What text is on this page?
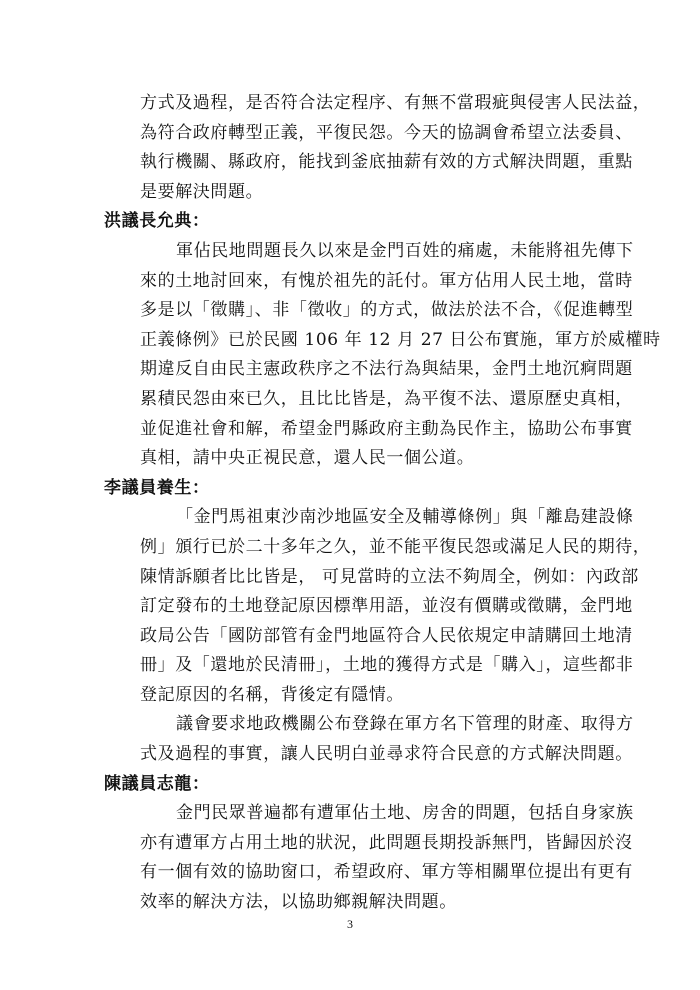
方式及過程，是否符合法定程序、有無不當瑕疵與侵害人民法益，
為符合政府轉型正義，平復民怨。今天的協調會希望立法委員、
執行機關、縣政府，能找到釜底抽薪有效的方式解決問題，重點
是要解決問題。
洪議長允典：
軍佔民地問題長久以來是金門百姓的痛處，未能將祖先傳下
來的土地討回來，有愧於祖先的託付。軍方佔用人民土地，當時
多是以「徵購」、非「徵收」的方式，做法於法不合，《促進轉型
正義條例》已於民國 106 年 12 月 27 日公布實施，軍方於威權時
期違反自由民主憲政秩序之不法行為與結果，金門土地沉痾問題
累積民怨由來已久，且比比皆是，為平復不法、還原歷史真相，
並促進社會和解，希望金門縣政府主動為民作主，協助公布事實
真相，請中央正視民意，還人民一個公道。
李議員養生：
「金門馬祖東沙南沙地區安全及輔導條例」與「離島建設條
例」頒行已於二十多年之久，並不能平復民怨或滿足人民的期待，
陳情訴願者比比皆是， 可見當時的立法不夠周全，例如：內政部
訂定發布的土地登記原因標準用語，並沒有價購或徵購，金門地
政局公告「國防部管有金門地區符合人民依規定申請購回土地清
冊」及「還地於民清冊」，土地的獲得方式是「購入」，這些都非
登記原因的名稱，背後定有隱情。
議會要求地政機關公布登錄在軍方名下管理的財產、取得方
式及過程的事實，讓人民明白並尋求符合民意的方式解決問題。
陳議員志龍：
金門民眾普遍都有遭軍佔土地、房舍的問題，包括自身家族
亦有遭軍方占用土地的狀況，此問題長期投訴無門，皆歸因於沒
有一個有效的協助窗口，希望政府、軍方等相關單位提出有更有
效率的解決方法，以協助鄉親解決問題。
3
